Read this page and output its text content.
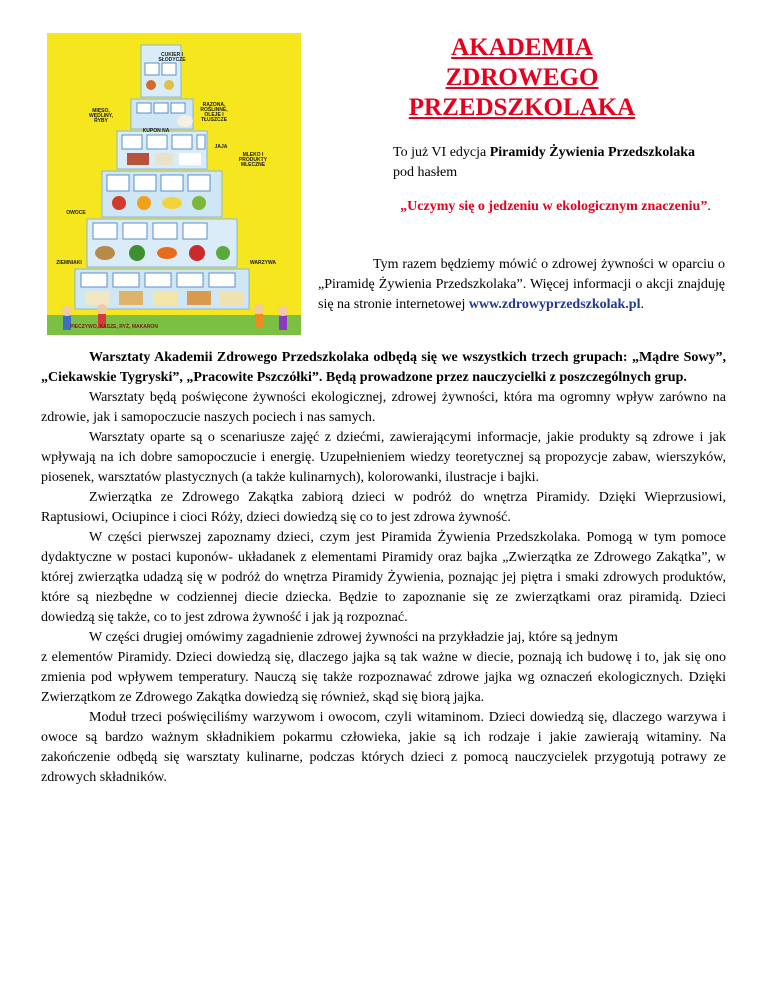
CUKIER I SŁODYCZE
RAZONA, ROŚLINNE, OLEJE I TŁUSZCZE
MIĘSO, WĘDLINY, RYBY
JAJA
MLEKO I PRODUKTY MLECZNE
OWOCE
ZIEMNIAKI	WARZYWA
PIECZYWO, KASZE, RYŻ, MAKARON
KUPON NA
AKADEMIA ZDROWEGO PRZEDSZKOLAKA
To już VI edycja Piramidy Żywienia Przedszkolaka pod hasłem
„Uczymy się o jedzeniu w ekologicznym znaczeniu”.
Tym razem będziemy mówić o zdrowej żywności w oparciu o „Piramidę Żywienia Przedszkolaka”. Więcej informacji o akcji znajduję się na stronie internetowej www.zdrowyprzedszkolak.pl.

Warsztaty Akademii Zdrowego Przedszkolaka odbędą się we wszystkich trzech grupach: „Mądre Sowy”, „Ciekawskie Tygryski”, „Pracowite Pszczółki”. Będą prowadzone przez nauczycielki z poszczególnych grup.

Warsztaty będą poświęcone żywności ekologicznej, zdrowej żywności, która ma ogromny wpływ zarówno na zdrowie, jak i samopoczucie naszych pociech i nas samych.

Warsztaty oparte są o scenariusze zajęć z dziećmi, zawierającymi informacje, jakie produkty są zdrowe i jak wpływają na ich dobre samopoczucie i energię. Uzupełnieniem wiedzy teoretycznej są propozycje zabaw, wierszyków, piosenek, warsztatów plastycznych (a także kulinarnych), kolorowanki, ilustracje i bajki.

Zwierzątka ze Zdrowego Zakątka zabiorą dzieci w podróż do wnętrza Piramidy. Dzięki Wieprzusiowi, Raptusiowi, Ociupince i cioci Róży, dzieci dowiedzą się co to jest zdrowa żywność.

W części pierwszej zapoznamy dzieci, czym jest Piramida Żywienia Przedszkolaka. Pomogą w tym pomoce dydaktyczne w postaci kuponów- układanek z elementami Piramidy oraz bajka „Zwierzątka ze Zdrowego Zakątka”, w której zwierzątka udadzą się w podróż do wnętrza Piramidy Żywienia, poznając jej piętra i smaki zdrowych produktów, które są niezbędne w codziennej diecie dziecka. Będzie to zapoznanie się ze zwierzątkami oraz piramidą. Dzieci dowiedzą się także, co to jest zdrowa żywność i jak ją rozpoznać.

W części drugiej omówimy zagadnienie zdrowej żywności na przykładzie jaj, które są jednym

z elementów Piramidy. Dzieci dowiedzą się, dlaczego jajka są tak ważne w diecie, poznają ich budowę i to, jak się ono zmienia pod wpływem temperatury. Nauczą się także rozpoznawać zdrowe jajka wg oznaczeń ekologicznych. Dzięki Zwierzątkom ze Zdrowego Zakątka dowiedzą się również, skąd się biorą jajka.

Moduł trzeci poświęciliśmy warzywom i owocom, czyli witaminom. Dzieci dowiedzą się, dlaczego warzywa i owoce są bardzo ważnym składnikiem pokarmu człowieka, jakie są ich rodzaje i jakie zawierają witaminy. Na zakończenie odbędą się warsztaty kulinarne, podczas których dzieci z pomocą nauczycielek przygotują potrawy ze zdrowych składników.
